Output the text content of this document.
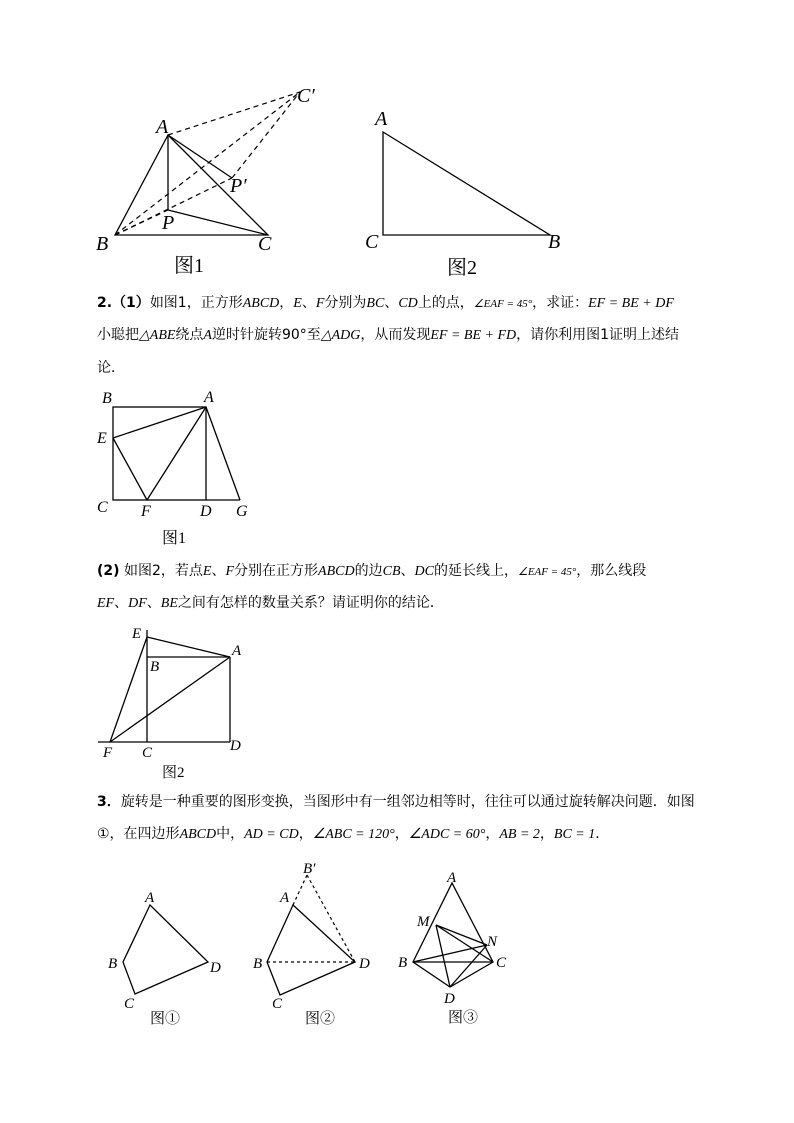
A
C′
P′
P
B	C
图1
A
C	B
图2
2.（1）如图1，正方形ABCD，E、F分别为BC、CD上的点，∠EAF = 45°，求证：EF = BE + DF
小聪把△ABE绕点A逆时针旋转90°至△ADG，从而发现EF = BE + FD，请你利用图1证明上述结
论．
B	A
E
C F	D G
图1
(2) 如图2，若点E、F分别在正方形ABCD的边CB、DC的延长线上，∠EAF = 45°，那么线段
EF、DF、BE之间有怎样的数量关系？请证明你的结论．
E
B
A
F C	D
图2
3．旋转是一种重要的图形变换，当图形中有一组邻边相等时，往往可以通过旋转解决问题．如图
①，在四边形ABCD中，AD = CD，∠ABC = 120°，∠ADC = 60°，AB = 2，BC = 1．
A
B
C
D
图①
B′
A
B
C
D
图②
A
M
N
B	C
D
图③
